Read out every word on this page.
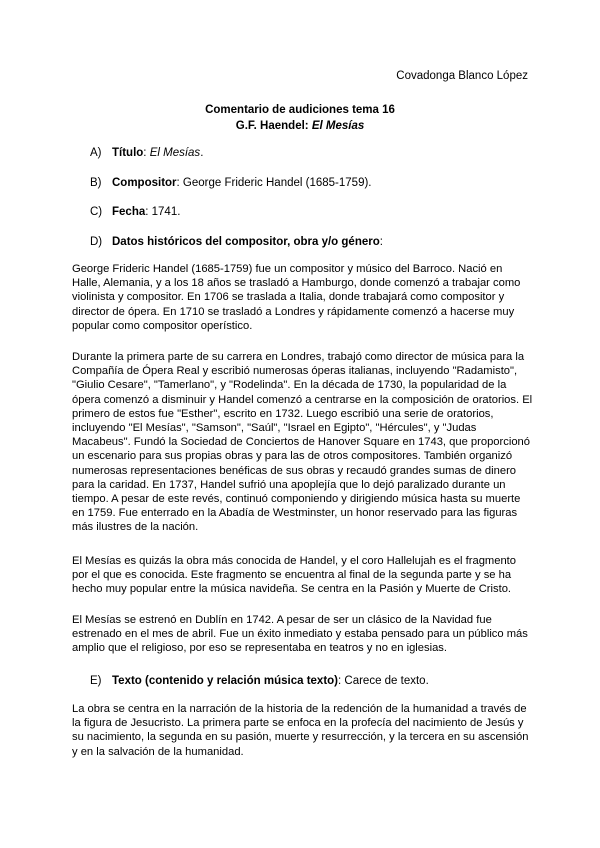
Covadonga Blanco López
Comentario de audiciones tema 16
G.F. Haendel: El Mesías
A) Título: El Mesías.
B) Compositor: George Frideric Handel (1685-1759).
C) Fecha: 1741.
D) Datos históricos del compositor, obra y/o género:

George Frideric Handel (1685-1759) fue un compositor y músico del Barroco. Nació en Halle, Alemania, y a los 18 años se trasladó a Hamburgo, donde comenzó a trabajar como violinista y compositor. En 1706 se traslada a Italia, donde trabajará como compositor y director de ópera. En 1710 se trasladó a Londres y rápidamente comenzó a hacerse muy popular como compositor operístico.

Durante la primera parte de su carrera en Londres, trabajó como director de música para la Compañía de Ópera Real y escribió numerosas óperas italianas, incluyendo "Radamisto", "Giulio Cesare", "Tamerlano", y "Rodelinda". En la década de 1730, la popularidad de la ópera comenzó a disminuir y Handel comenzó a centrarse en la composición de oratorios. El primero de estos fue "Esther", escrito en 1732. Luego escribió una serie de oratorios, incluyendo "El Mesías", "Samson", "Saúl", "Israel en Egipto", "Hércules", y "Judas Macabeus". Fundó la Sociedad de Conciertos de Hanover Square en 1743, que proporcionó un escenario para sus propias obras y para las de otros compositores. También organizó numerosas representaciones benéficas de sus obras y recaudó grandes sumas de dinero para la caridad. En 1737, Handel sufrió una apoplejía que lo dejó paralizado durante un tiempo. A pesar de este revés, continuó componiendo y dirigiendo música hasta su muerte en 1759. Fue enterrado en la Abadía de Westminster, un honor reservado para las figuras más ilustres de la nación.

El Mesías es quizás la obra más conocida de Handel, y el coro Hallelujah es el fragmento por el que es conocida. Este fragmento se encuentra al final de la segunda parte y se ha hecho muy popular entre la música navideña. Se centra en la Pasión y Muerte de Cristo.

El Mesías se estrenó en Dublín en 1742. A pesar de ser un clásico de la Navidad fue estrenado en el mes de abril. Fue un éxito inmediato y estaba pensado para un público más amplio que el religioso, por eso se representaba en teatros y no en iglesias.

E) Texto (contenido y relación música texto): Carece de texto.

La obra se centra en la narración de la historia de la redención de la humanidad a través de la figura de Jesucristo. La primera parte se enfoca en la profecía del nacimiento de Jesús y su nacimiento, la segunda en su pasión, muerte y resurrección, y la tercera en su ascensión y en la salvación de la humanidad.
